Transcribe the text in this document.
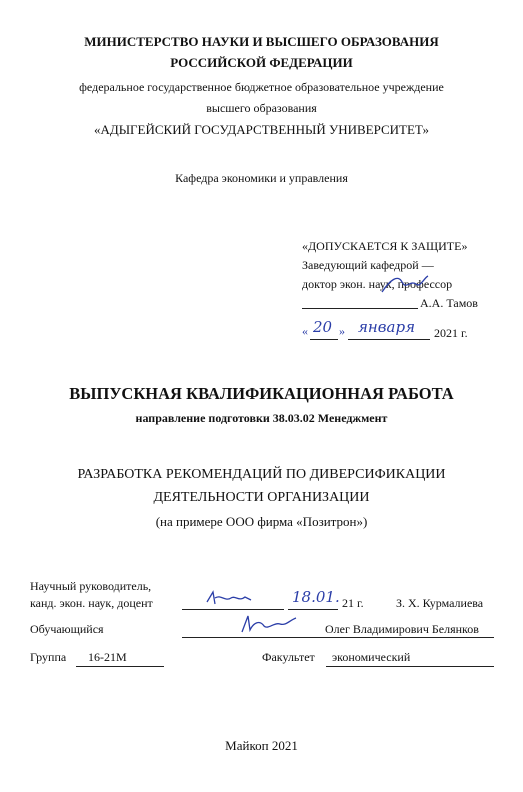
МИНИСТЕРСТВО НАУКИ И ВЫСШЕГО ОБРАЗОВАНИЯ
РОССИЙСКОЙ ФЕДЕРАЦИИ
федеральное государственное бюджетное образовательное учреждение
высшего образования
«АДЫГЕЙСКИЙ ГОСУДАРСТВЕННЫЙ УНИВЕРСИТЕТ»
Кафедра экономики и управления
«ДОПУСКАЕТСЯ К ЗАЩИТЕ»
Заведующий кафедрой —
доктор экон. наук, профессор
А.А. Тамов
« 20 » января 2021 г.
ВЫПУСКНАЯ КВАЛИФИКАЦИОННАЯ РАБОТА
направление подготовки 38.03.02 Менеджмент
РАЗРАБОТКА РЕКОМЕНДАЦИЙ ПО ДИВЕРСИФИКАЦИИ
ДЕЯТЕЛЬНОСТИ ОРГАНИЗАЦИИ
(на примере ООО фирма «Позитрон»)
Научный руководитель,
канд. экон. наук, доцент	18.01. 21 г.	З. Х. Курмалиева
Обучающийся	Олег Владимирович Белянков
Группа 16-21М	Факультет экономический
Майкоп 2021
